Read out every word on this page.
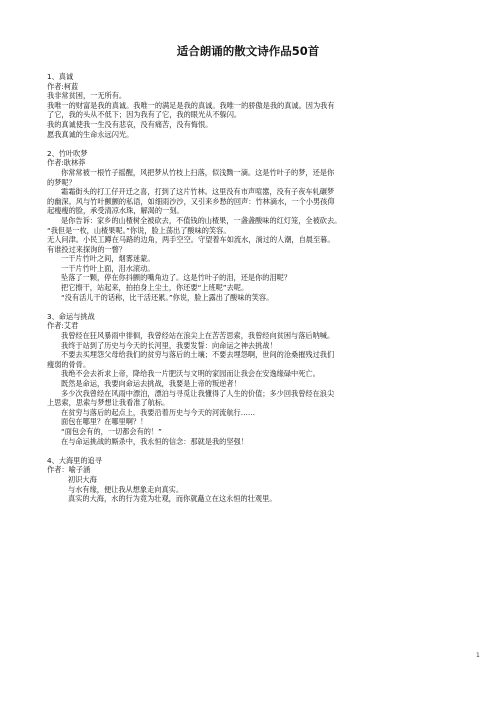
适合朗诵的散文诗作品50首
1、真诚
作者:柯蓝
我非常贫困，一无所有。
我唯一的财富是我的真诚。我唯一的满足是我的真诚。我唯一的骄傲是我的真诚。因为我有
了它，我的头从不低下；因为我有了它，我的眼光从不躲闪。
我的真诚使我一生没有悲哀，没有痛苦，没有悔恨。
愿我真诚的生命永远闪光。
2、竹叶吹梦
作者:耿林莽
你常常被一根竹子摇醒，风把梦从竹枝上扫落，似浅黝一滴。这是竹叶子的梦，还是你
的梦呢？
霜霜街头的打工仔开迁之喜，打到了这片竹林。这里没有市声喧嚣，没有子夜车轧碾梦
的幽深。风与竹叶颤颤的私语，如细雨沙沙，又引来乡愁的回声：竹林滴水，一个小男孩仰
起瘦瘦的脸，承受清凉水珠，解渴的一刻。
是你告诉：家乡的山楂树全被砍去，不值钱的山楂果，一盏盏酸味的红灯笼，全被砍去。
“我但是一枚，山楂果呢。”你说，脸上荡出了酸味的笑容。
无人问津。小民工蹲在马路的边角，两手空空。守望着车如流水，淌过的人潮，自晨至暮。
有谁投过来探询的一瞥？
一干片竹叶之间，烟雾迷蒙。
一干片竹叶上面，泪水滚动。
坠落了一颗，停在你抖颤的嘴角边了。这是竹叶子的泪，还是你的泪呢？
把它擦干，站起来，拍拍身上尘土，你还要“上班呢”去呢。
“没有活儿干的话称，比干活还累。”你说，脸上露出了酸味的笑容。
3、命运与挑战
作者:艾君
我曾经在狂风暴雨中徘徊，我曾经站在浪尖上在苦苦思索，我曾经向贫困与落后呐喊。
我终于站到了历史与今天的长河里，我要发誓：向命运之神去挑战！
不要去买埋怨父母给我们的贫穷与落后的土壤；不要去埋怨啊，世间的沧桑摧残过我们
瘦弱的骨骨。
我绝不会去祈求上帝，降给我一片肥沃与文明的家园而让我会在安逸缘碌中死亡。
既然是命运，我要向命运去挑战，我要是上帝的叛逆者！
多少次我曾经在风雨中漂泊，漂泊与寻觅让我懂得了人生的价值；多少回我曾经在浪尖
上思索，思索与梦想让我看准了航标。
在贫穷与落后的起点上，我要沿着历史与今天的河流航行……
面包在哪里？在哪里啊？！
“面包会有的，一切都会有的！”
在与命运挑战的厮杀中，我永恒的信念：那就是我的坚强！
4、大海里的追寻
作者：喻子涵
初识大海
与水有缘，便让我从想象走向真实。
真实的大海，水的行为竟为壮观，而你就矗立在这永恒的壮观里。
1
